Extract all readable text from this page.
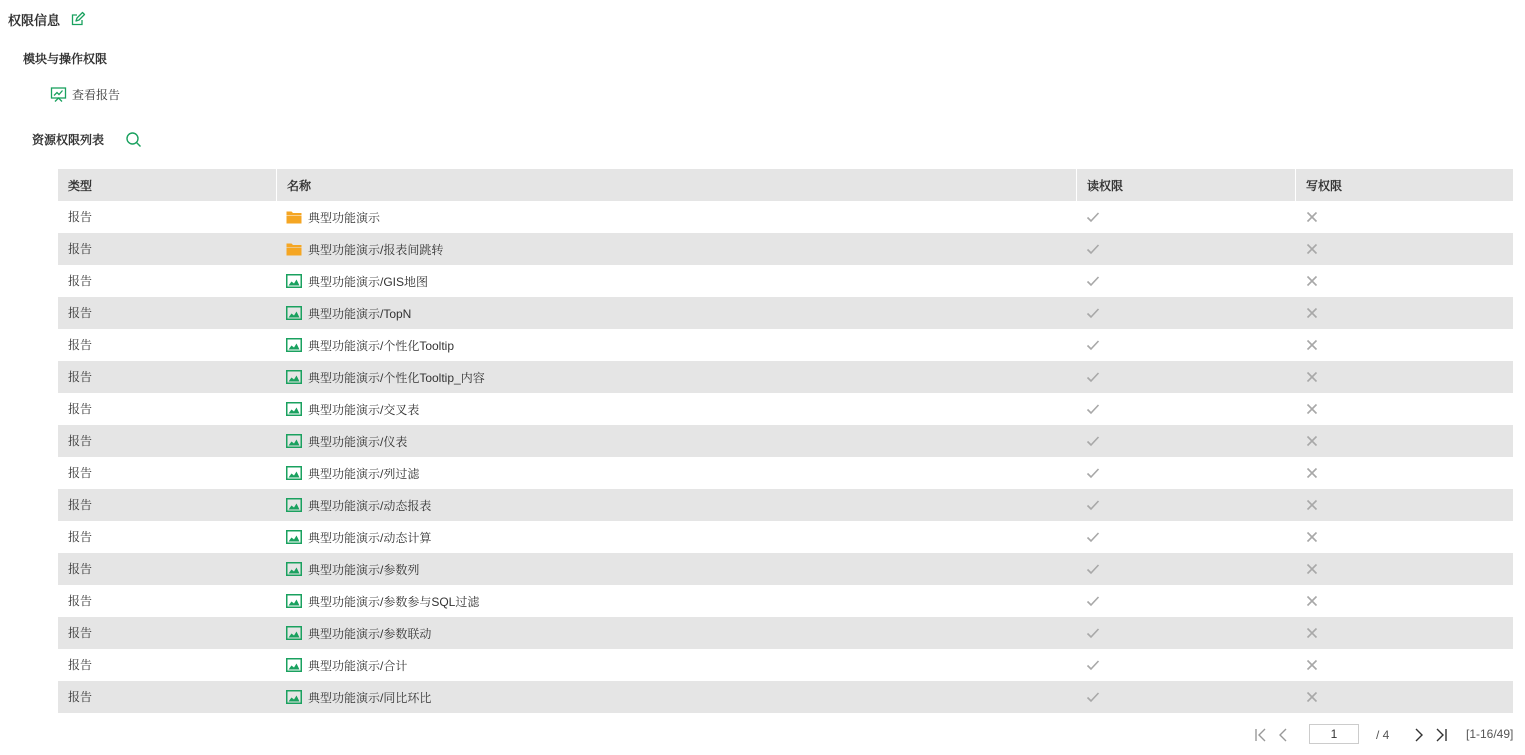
权限信息
模块与操作权限
查看报告
资源权限列表
类型	名称	读权限	写权限
报告	典型功能演示
报告	典型功能演示/报表间跳转
报告	典型功能演示/GIS地图
报告	典型功能演示/TopN
报告	典型功能演示/个性化Tooltip
报告	典型功能演示/个性化Tooltip_内容
报告	典型功能演示/交叉表
报告	典型功能演示/仪表
报告	典型功能演示/列过滤
报告	典型功能演示/动态报表
报告	典型功能演示/动态计算
报告	典型功能演示/参数列
报告	典型功能演示/参数参与SQL过滤
报告	典型功能演示/参数联动
报告	典型功能演示/合计
报告	典型功能演示/同比环比
1
/ 4	[1-16/49]
